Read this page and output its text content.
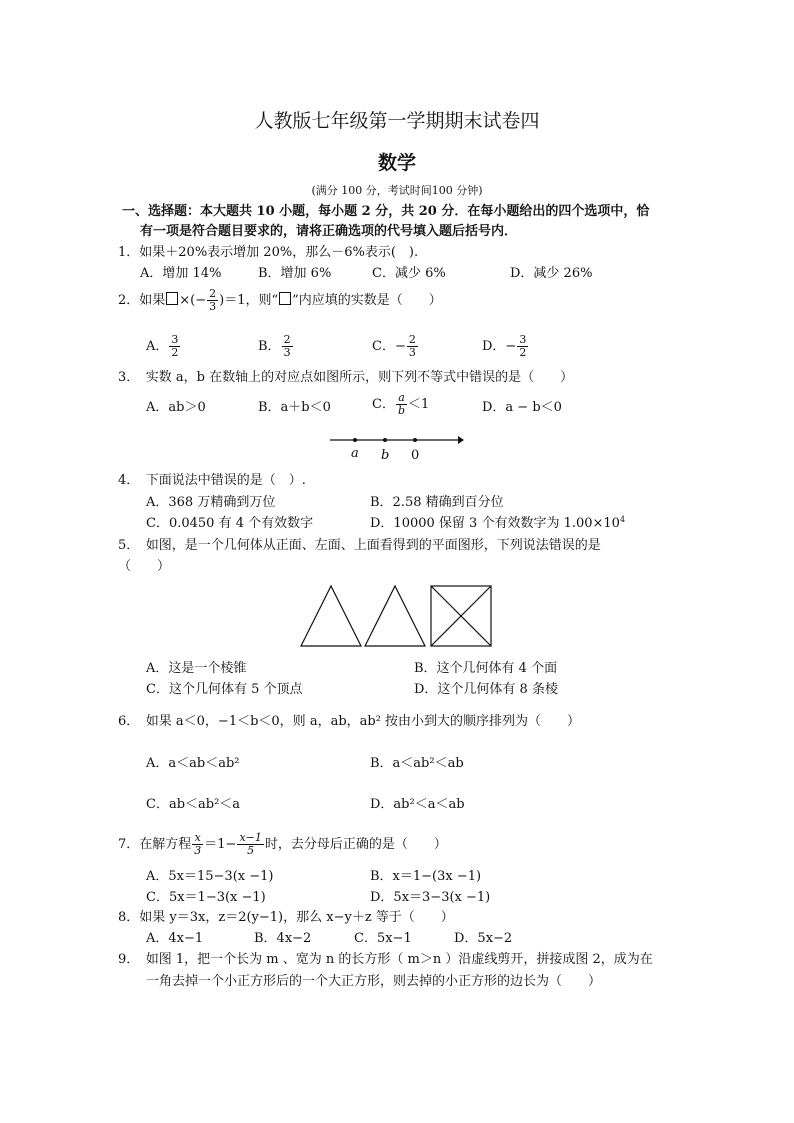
人教版七年级第一学期期末试卷四
数学
(满分 100 分，考试时间100 分钟)
一、选择题：本大题共 10 小题，每小题 2 分，共 20 分．在每小题给出的四个选项中，恰
有一项是符合题目要求的，请将正确选项的代号填入题后括号内．
1．如果＋20%表示增加 20%，那么－6%表示(　).
A．增加 14%	B．增加 6%	C．减少 6%	D．减少 26%
2．如果 ×(− $\frac{2}{3} )=1$，则“ ”内应填的实数是（　　）
A． $\frac{3}{2}$	B． $\frac{2}{3}$	C．− $\frac{2}{3}$	D．− $\frac{3}{2}$
3．　实数 a，b 在数轴上的对应点如图所示，则下列不等式中错误的是（　　）
A．ab＞0	B．a＋b＜0	C． $\frac{a}{b} <1$	D．a − b＜0
a b 0
4．　下面说法中错误的是（　）.
A．368 万精确到万位	B．2.58 精确到百分位
C．0.0450 有 4 个有效数字	D．10000 保留 3 个有效数字为 $1.00\times 10^4$
5．　如图，是一个几何体从正面、左面、上面看得到的平面图形，下列说法错误的是
（　　）
A．这是一个棱锥	B．这个几何体有 4 个面
C．这个几何体有 5 个顶点	D．这个几何体有 8 条棱
6．　如果 a＜0，−1＜b＜0，则 a，ab，ab² 按由小到大的顺序排列为（　　）
A．a＜ab＜ab²	B．a＜ab²＜ab
C．ab＜ab²＜a	D．ab²＜a＜ab
7．在解方程 $\frac{x}{3} =1- \frac{x-1}{5}$ 时，去分母后正确的是（　　）
A．5x＝15−3(x −1)	B．x＝1−(3x −1)
C．5x＝1−3(x −1)	D．5x＝3−3(x −1)
8．如果 y＝3x，z＝2(y−1)，那么 x−y＋z 等于（　　）
A．4x−1	B．4x−2	C．5x−1	D．5x−2
9．　如图 1，把一个长为 m 、宽为 n 的长方形（ m＞n ）沿虚线剪开，拼接成图 2，成为在
一角去掉一个小正方形后的一个大正方形，则去掉的小正方形的边长为（　　）
